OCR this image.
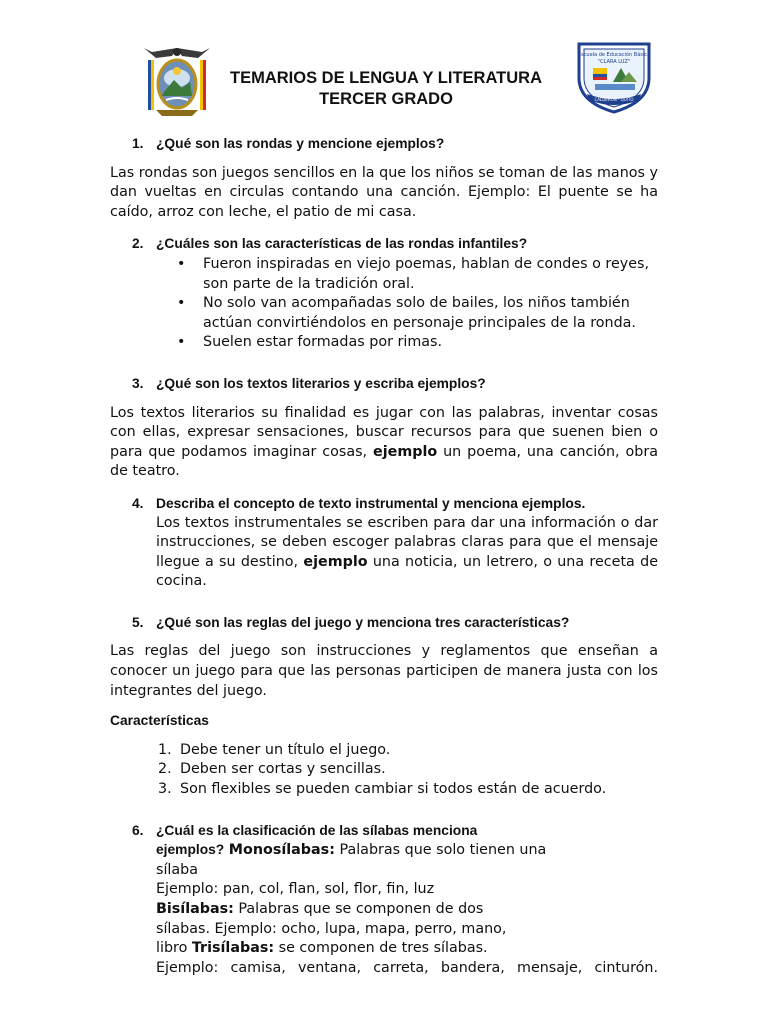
TEMARIOS DE LENGUA Y LITERATURA
TERCER GRADO
Escuela de Educación Básica
"CLARA LUZ"
CALDERÓN - QUITO
1. ¿Qué son las rondas y mencione ejemplos?
Las rondas son juegos sencillos en la que los niños se toman de las manos y dan vueltas en circulas contando una canción. Ejemplo: El puente se ha caído, arroz con leche, el patio de mi casa.
2. ¿Cuáles son las características de las rondas infantiles?
• Fueron inspiradas en viejo poemas, hablan de condes o reyes, son parte de la tradición oral.
• No solo van acompañadas solo de bailes, los niños también actúan convirtiéndolos en personaje principales de la ronda.
• Suelen estar formadas por rimas.
3. ¿Qué son los textos literarios y escriba ejemplos?
Los textos literarios su finalidad es jugar con las palabras, inventar cosas con ellas, expresar sensaciones, buscar recursos para que suenen bien o para que podamos imaginar cosas, ejemplo un poema, una canción, obra de teatro.
4. Describa el concepto de texto instrumental y menciona ejemplos.
Los textos instrumentales se escriben para dar una información o dar instrucciones, se deben escoger palabras claras para que el mensaje llegue a su destino, ejemplo una noticia, un letrero, o una receta de cocina.
5. ¿Qué son las reglas del juego y menciona tres características?
Las reglas del juego son instrucciones y reglamentos que enseñan a conocer un juego para que las personas participen de manera justa con los integrantes del juego.
Características
1. Debe tener un título el juego.
2. Deben ser cortas y sencillas.
3. Son flexibles se pueden cambiar si todos están de acuerdo.
6. ¿Cuál es la clasificación de las sílabas menciona
ejemplos? Monosílabas: Palabras que solo tienen una
sílaba
Ejemplo: pan, col, flan, sol, flor, fin, luz
Bisílabas: Palabras que se componen de dos
sílabas. Ejemplo: ocho, lupa, mapa, perro, mano,
libro Trisílabas: se componen de tres sílabas.
Ejemplo: camisa, ventana, carreta, bandera, mensaje, cinturón.
